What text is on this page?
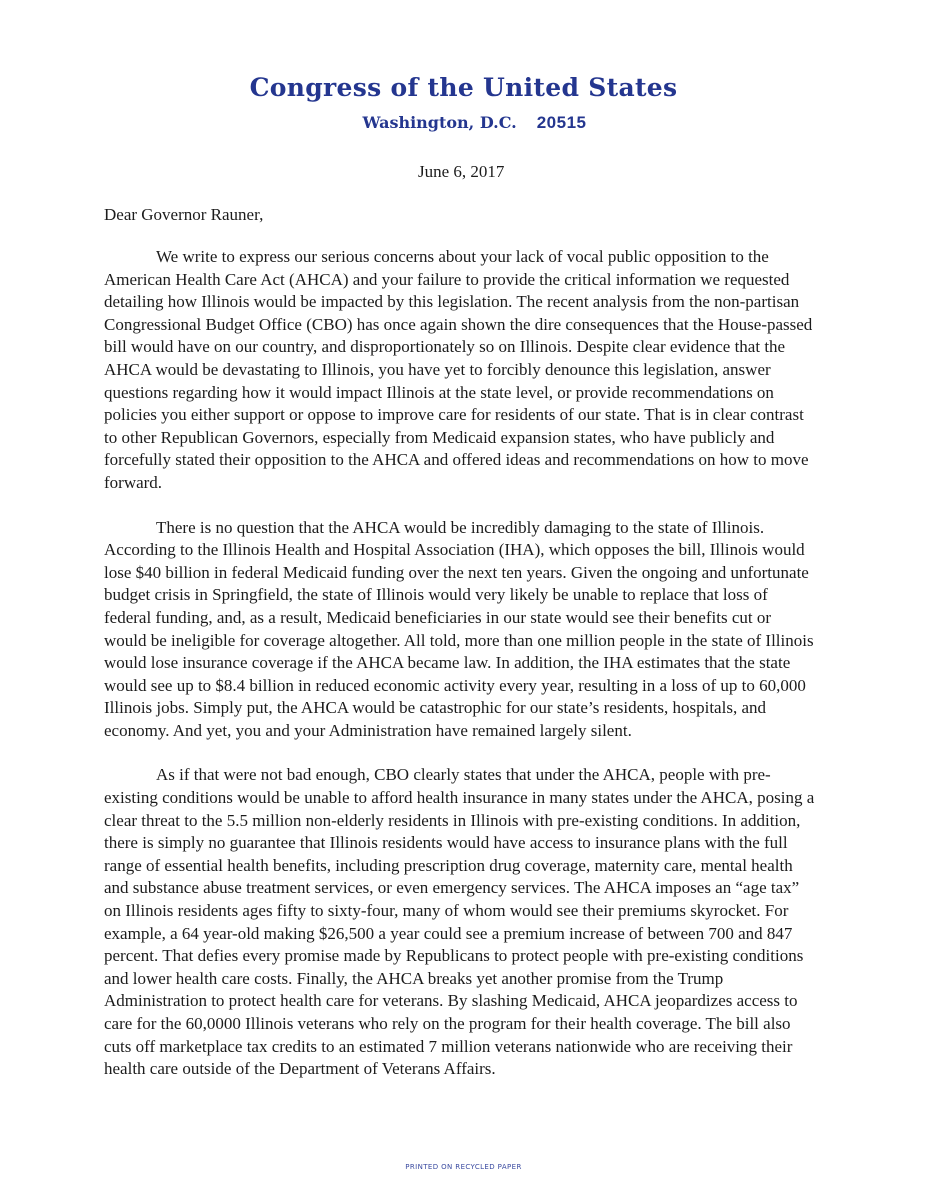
Congress of the United States
Washington, D.C. 20515
June 6, 2017
Dear Governor Rauner,

We write to express our serious concerns about your lack of vocal public opposition to the American Health Care Act (AHCA) and your failure to provide the critical information we requested detailing how Illinois would be impacted by this legislation. The recent analysis from the non-partisan Congressional Budget Office (CBO) has once again shown the dire consequences that the House-passed bill would have on our country, and disproportionately so on Illinois. Despite clear evidence that the AHCA would be devastating to Illinois, you have yet to forcibly denounce this legislation, answer questions regarding how it would impact Illinois at the state level, or provide recommendations on policies you either support or oppose to improve care for residents of our state. That is in clear contrast to other Republican Governors, especially from Medicaid expansion states, who have publicly and forcefully stated their opposition to the AHCA and offered ideas and recommendations on how to move forward.

There is no question that the AHCA would be incredibly damaging to the state of Illinois. According to the Illinois Health and Hospital Association (IHA), which opposes the bill, Illinois would lose $40 billion in federal Medicaid funding over the next ten years. Given the ongoing and unfortunate budget crisis in Springfield, the state of Illinois would very likely be unable to replace that loss of federal funding, and, as a result, Medicaid beneficiaries in our state would see their benefits cut or would be ineligible for coverage altogether. All told, more than one million people in the state of Illinois would lose insurance coverage if the AHCA became law. In addition, the IHA estimates that the state would see up to $8.4 billion in reduced economic activity every year, resulting in a loss of up to 60,000 Illinois jobs. Simply put, the AHCA would be catastrophic for our state’s residents, hospitals, and economy. And yet, you and your Administration have remained largely silent.

As if that were not bad enough, CBO clearly states that under the AHCA, people with pre-existing conditions would be unable to afford health insurance in many states under the AHCA, posing a clear threat to the 5.5 million non-elderly residents in Illinois with pre-existing conditions. In addition, there is simply no guarantee that Illinois residents would have access to insurance plans with the full range of essential health benefits, including prescription drug coverage, maternity care, mental health and substance abuse treatment services, or even emergency services. The AHCA imposes an “age tax” on Illinois residents ages fifty to sixty-four, many of whom would see their premiums skyrocket. For example, a 64 year-old making $26,500 a year could see a premium increase of between 700 and 847 percent. That defies every promise made by Republicans to protect people with pre-existing conditions and lower health care costs. Finally, the AHCA breaks yet another promise from the Trump Administration to protect health care for veterans. By slashing Medicaid, AHCA jeopardizes access to care for the 60,0000 Illinois veterans who rely on the program for their health coverage. The bill also cuts off marketplace tax credits to an estimated 7 million veterans nationwide who are receiving their health care outside of the Department of Veterans Affairs.

PRINTED ON RECYCLED PAPER
